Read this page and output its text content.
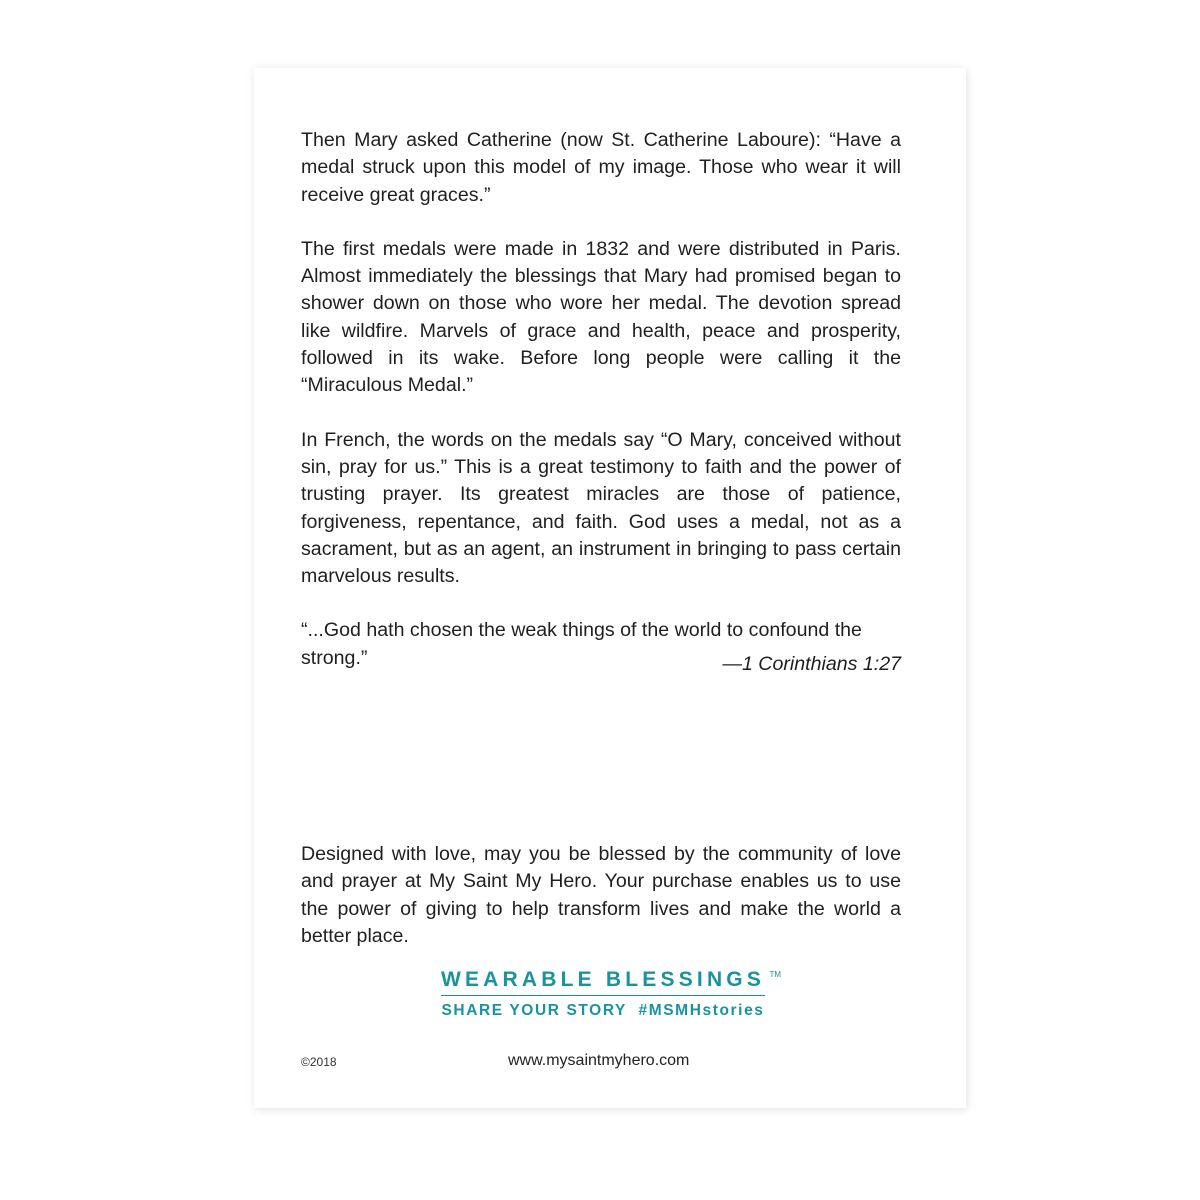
Then Mary asked Catherine (now St. Catherine Laboure): “Have a medal struck upon this model of my image. Those who wear it will receive great graces.”

The first medals were made in 1832 and were distributed in Paris. Almost immediately the blessings that Mary had promised began to shower down on those who wore her medal. The devotion spread like wildfire. Marvels of grace and health, peace and prosperity, followed in its wake. Before long people were calling it the “Miraculous Medal.”

In French, the words on the medals say “O Mary, conceived without sin, pray for us.” This is a great testimony to faith and the power of trusting prayer. Its greatest miracles are those of patience, forgiveness, repentance, and faith. God uses a medal, not as a sacrament, but as an agent, an instrument in bringing to pass certain marvelous results.

“...God hath chosen the weak things of the world to confound the strong.”	—1 Corinthians 1:27

Designed with love, may you be blessed by the community of love and prayer at My Saint My Hero. Your purchase enables us to use the power of giving to help transform lives and make the world a better place.

WEARABLE BLESSINGS TM
SHARE YOUR STORY  #MSMHstories
©2018	www.mysaintmyhero.com
